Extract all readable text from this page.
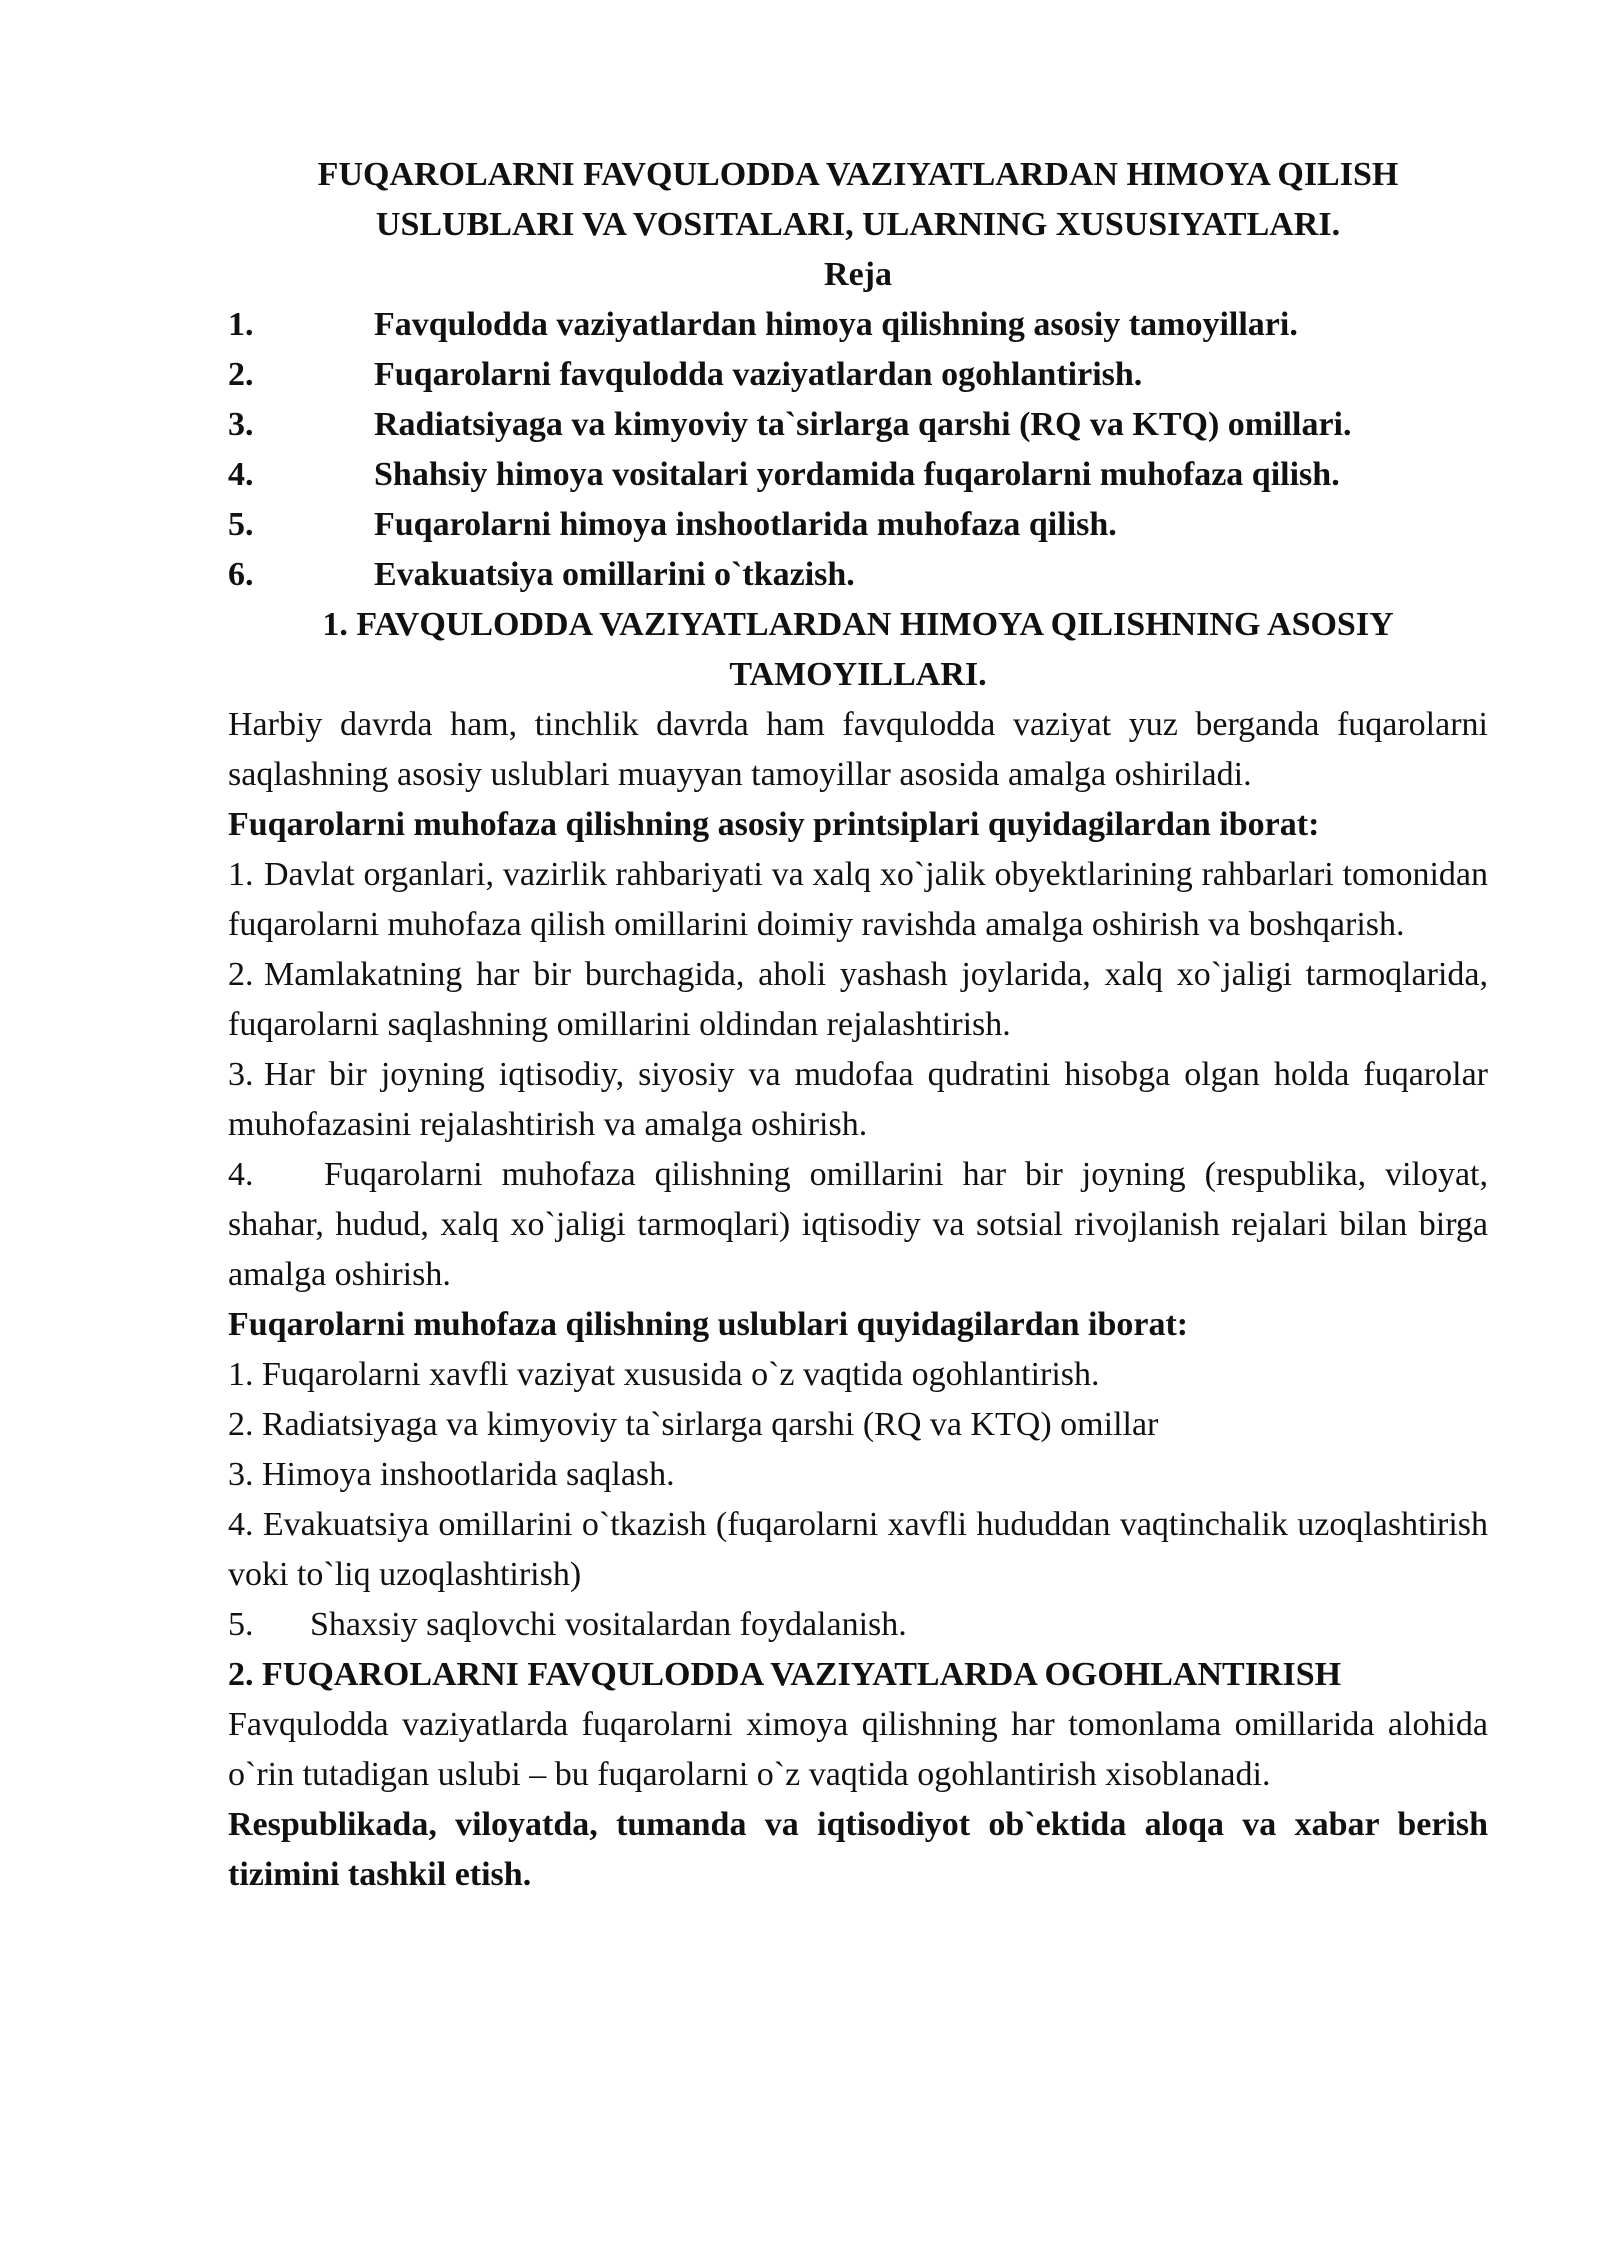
FUQAROLARNI FAVQULODDA VAZIYATLARDAN HIMOYA QILISH

USLUBLARI VA VOSITALARI, ULARNING XUSUSIYATLARI.

Reja

1.	Favqulodda vaziyatlardan himoya qilishning asosiy tamoyillari.
2.	Fuqarolarni favqulodda vaziyatlardan ogohlantirish.
3.	Radiatsiyaga va kimyoviy ta`sirlarga qarshi (RQ va KTQ) omillari.
4.	Shahsiy himoya vositalari yordamida fuqarolarni muhofaza qilish.
5.	Fuqarolarni himoya inshootlarida muhofaza qilish.
6.	Evakuatsiya omillarini o`tkazish.

1. FAVQULODDA VAZIYATLARDAN HIMOYA QILISHNING ASOSIY

TAMOYILLARI.

Harbiy davrda ham, tinchlik davrda ham favqulodda vaziyat yuz berganda fuqarolarni saqlashning asosiy uslublari muayyan tamoyillar asosida amalga oshiriladi.

Fuqarolarni muhofaza qilishning asosiy printsiplari quyidagilardan iborat:

1. Davlat organlari, vazirlik rahbariyati va xalq xo`jalik obyektlarining rahbarlari tomonidan fuqarolarni muhofaza qilish omillarini doimiy ravishda amalga oshirish va boshqarish.

2. Mamlakatning har bir burchagida, aholi yashash joylarida, xalq xo`jaligi tarmoqlarida, fuqarolarni saqlashning omillarini oldindan rejalashtirish.

3. Har bir joyning iqtisodiy, siyosiy va mudofaa qudratini hisobga olgan holda fuqarolar muhofazasini rejalashtirish va amalga oshirish.

4. Fuqarolarni muhofaza qilishning omillarini har bir joyning (respublika, viloyat, shahar, hudud, xalq xo`jaligi tarmoqlari) iqtisodiy va sotsial rivojlanish rejalari bilan birga amalga oshirish.

Fuqarolarni muhofaza qilishning uslublari quyidagilardan iborat:

1. Fuqarolarni xavfli vaziyat xususida o`z vaqtida ogohlantirish.

2. Radiatsiyaga va kimyoviy ta`sirlarga qarshi (RQ va KTQ) omillar

3. Himoya inshootlarida saqlash.

4. Evakuatsiya omillarini o`tkazish (fuqarolarni xavfli hududdan vaqtinchalik uzoqlashtirish voki to`liq uzoqlashtirish)

5. Shaxsiy saqlovchi vositalardan foydalanish.

2. FUQAROLARNI FAVQULODDA VAZIYATLARDA OGOHLANTIRISH

Favqulodda vaziyatlarda fuqarolarni ximoya qilishning har tomonlama omillarida alohida o`rin tutadigan uslubi – bu fuqarolarni o`z vaqtida ogohlantirish xisoblanadi.

Respublikada, viloyatda, tumanda va iqtisodiyot ob`ektida aloqa va xabar berish tizimini tashkil etish.
